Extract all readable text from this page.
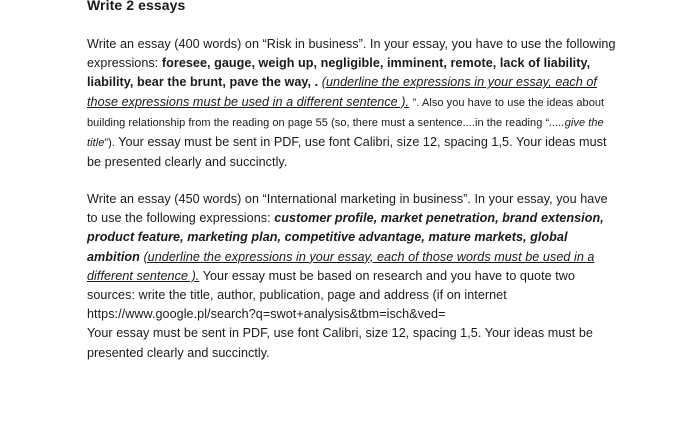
Write 2 essays
Write an essay (400 words) on “Risk in business”. In your essay, you have to use the following expressions: foresee, gauge, weigh up, negligible, imminent, remote, lack of liability, liability, bear the brunt, pave the way, . (underline the expressions in your essay, each of those expressions must be used in a different sentence ). ”. Also you have to use the ideas about building relationship from the reading on page 55 (so, there must a sentence....in the reading “.....give the title”). Your essay must be sent in PDF, use font Calibri, size 12, spacing 1,5. Your ideas must be presented clearly and succinctly.
Write an essay (450 words) on “International marketing in business”. In your essay, you have to use the following expressions: customer profile, market penetration, brand extension, product feature, marketing plan, competitive advantage, mature markets, global ambition (underline the expressions in your essay, each of those words must be used in a different sentence ). Your essay must be based on research and you have to quote two sources: write the title, author, publication, page and address (if on internet https://www.google.pl/search?q=swot+analysis&tbm=isch&ved=
Your essay must be sent in PDF, use font Calibri, size 12, spacing 1,5. Your ideas must be presented clearly and succinctly.
